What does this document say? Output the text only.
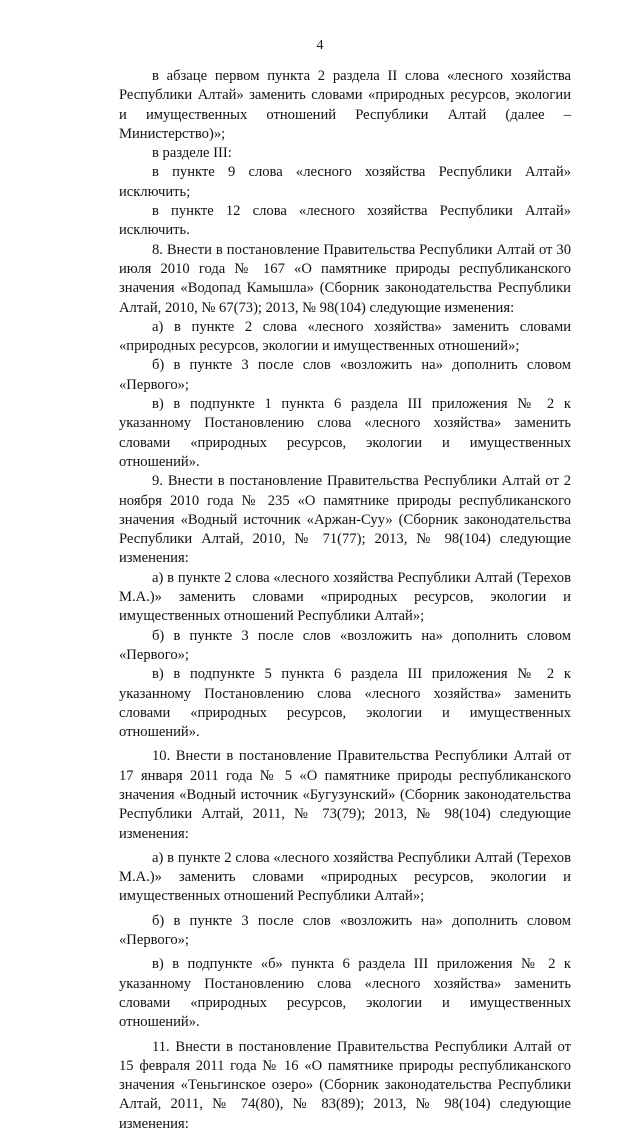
4

в абзаце первом пункта 2 раздела II слова «лесного хозяйства Республики Алтай» заменить словами «природных ресурсов, экологии и имущественных отношений Республики Алтай (далее – Министерство)»;

в разделе III:

в пункте 9 слова «лесного хозяйства Республики Алтай» исключить;

в пункте 12 слова «лесного хозяйства Республики Алтай» исключить.

8. Внести в постановление Правительства Республики Алтай от 30 июля 2010 года № 167 «О памятнике природы республиканского значения «Водопад Камышла» (Сборник законодательства Республики Алтай, 2010, № 67(73); 2013, № 98(104) следующие изменения:

а) в пункте 2 слова «лесного хозяйства» заменить словами «природных ресурсов, экологии и имущественных отношений»;

б) в пункте 3 после слов «возложить на» дополнить словом «Первого»;

в) в подпункте 1 пункта 6 раздела III приложения № 2 к указанному Постановлению слова «лесного хозяйства» заменить словами «природных ресурсов, экологии и имущественных отношений».

9. Внести в постановление Правительства Республики Алтай от 2 ноября 2010 года № 235 «О памятнике природы республиканского значения «Водный источник «Аржан-Суу» (Сборник законодательства Республики Алтай, 2010, № 71(77); 2013, № 98(104) следующие изменения:

а) в пункте 2 слова «лесного хозяйства Республики Алтай (Терехов М.А.)» заменить словами «природных ресурсов, экологии и имущественных отношений Республики Алтай»;

б) в пункте 3 после слов «возложить на» дополнить словом «Первого»;

в) в подпункте 5 пункта 6 раздела III приложения № 2 к указанному Постановлению слова «лесного хозяйства» заменить словами «природных ресурсов, экологии и имущественных отношений».

10. Внести в постановление Правительства Республики Алтай от 17 января 2011 года № 5 «О памятнике природы республиканского значения «Водный источник «Бугузунский» (Сборник законодательства Республики Алтай, 2011, № 73(79); 2013, № 98(104) следующие изменения:

а) в пункте 2 слова «лесного хозяйства Республики Алтай (Терехов М.А.)» заменить словами «природных ресурсов, экологии и имущественных отношений Республики Алтай»;

б) в пункте 3 после слов «возложить на» дополнить словом «Первого»;

в) в подпункте «б» пункта 6 раздела III приложения № 2 к указанному Постановлению слова «лесного хозяйства» заменить словами «природных ресурсов, экологии и имущественных отношений».

11. Внести в постановление Правительства Республики Алтай от 15 февраля 2011 года № 16 «О памятнике природы республиканского значения «Теньгинское озеро» (Сборник законодательства Республики Алтай, 2011, № 74(80), № 83(89); 2013, № 98(104) следующие изменения:
